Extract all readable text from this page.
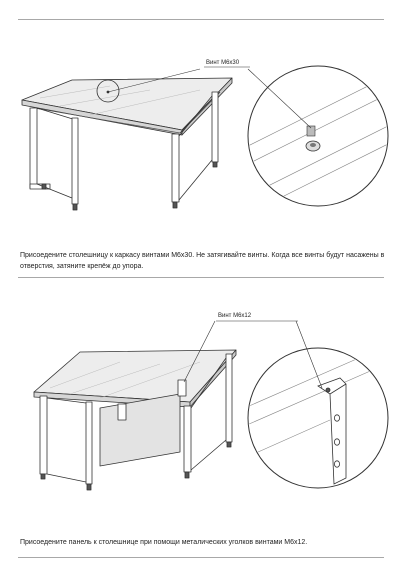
Винт M6x30

Присоедените столешницу к каркасу винтами M6x30. Не затягивайте винты. Когда все винты будут насажены в отверстия, затяните крепёж до упора.

Винт M6x12

Присоедените панель к столешнице при помощи металических уголков винтами M6x12.
